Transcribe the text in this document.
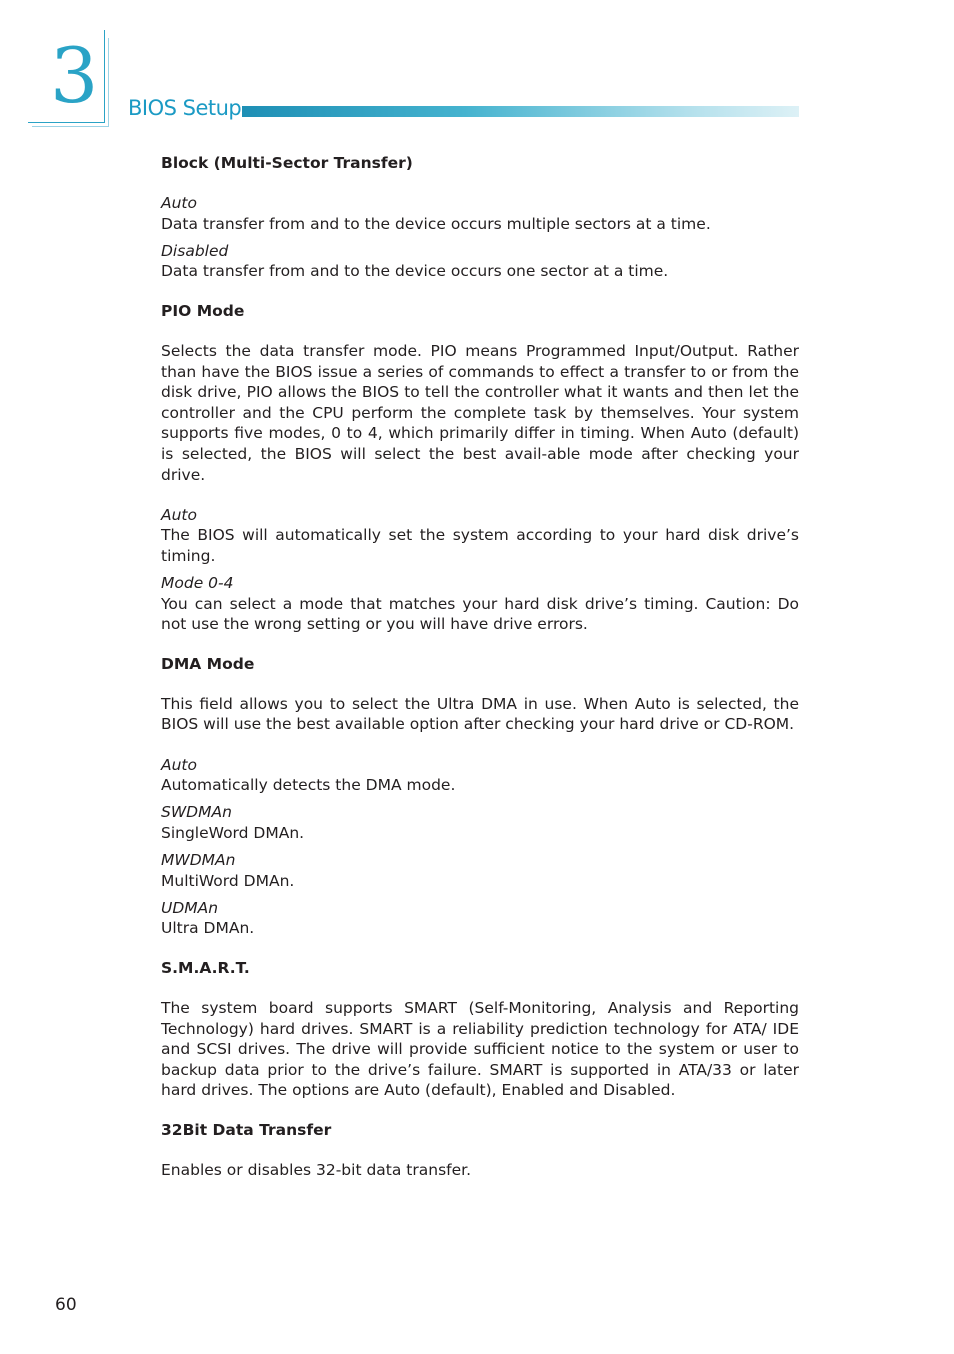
3 BIOS Setup
Block (Multi-Sector Transfer)
Auto
Data transfer from and to the device occurs multiple sectors at a time.
Disabled
Data transfer from and to the device occurs one sector at a time.
PIO Mode

Selects the data transfer mode. PIO means Programmed Input/Output. Rather than have the BIOS issue a series of commands to effect a transfer to or from the disk drive, PIO allows the BIOS to tell the controller what it wants and then let the controller and the CPU perform the complete task by themselves. Your system supports five modes, 0 to 4, which primarily differ in timing. When Auto (default) is selected, the BIOS will select the best avail-able mode after checking your drive.

Auto
The BIOS will automatically set the system according to your hard disk drive’s timing.
Mode 0-4
You can select a mode that matches your hard disk drive’s timing. Caution: Do not use the wrong setting or you will have drive errors.
DMA Mode

This field allows you to select the Ultra DMA in use. When Auto is selected, the BIOS will use the best available option after checking your hard drive or CD-ROM.

Auto
Automatically detects the DMA mode.
SWDMAn
SingleWord DMAn.
MWDMAn
MultiWord DMAn.
UDMAn
Ultra DMAn.
S.M.A.R.T.

The system board supports SMART (Self-Monitoring, Analysis and Reporting Technology) hard drives. SMART is a reliability prediction technology for ATA/ IDE and SCSI drives. The drive will provide sufficient notice to the system or user to backup data prior to the drive’s failure. SMART is supported in ATA/33 or later hard drives. The options are Auto (default), Enabled and Disabled.

32Bit Data Transfer

Enables or disables 32-bit data transfer.

60
